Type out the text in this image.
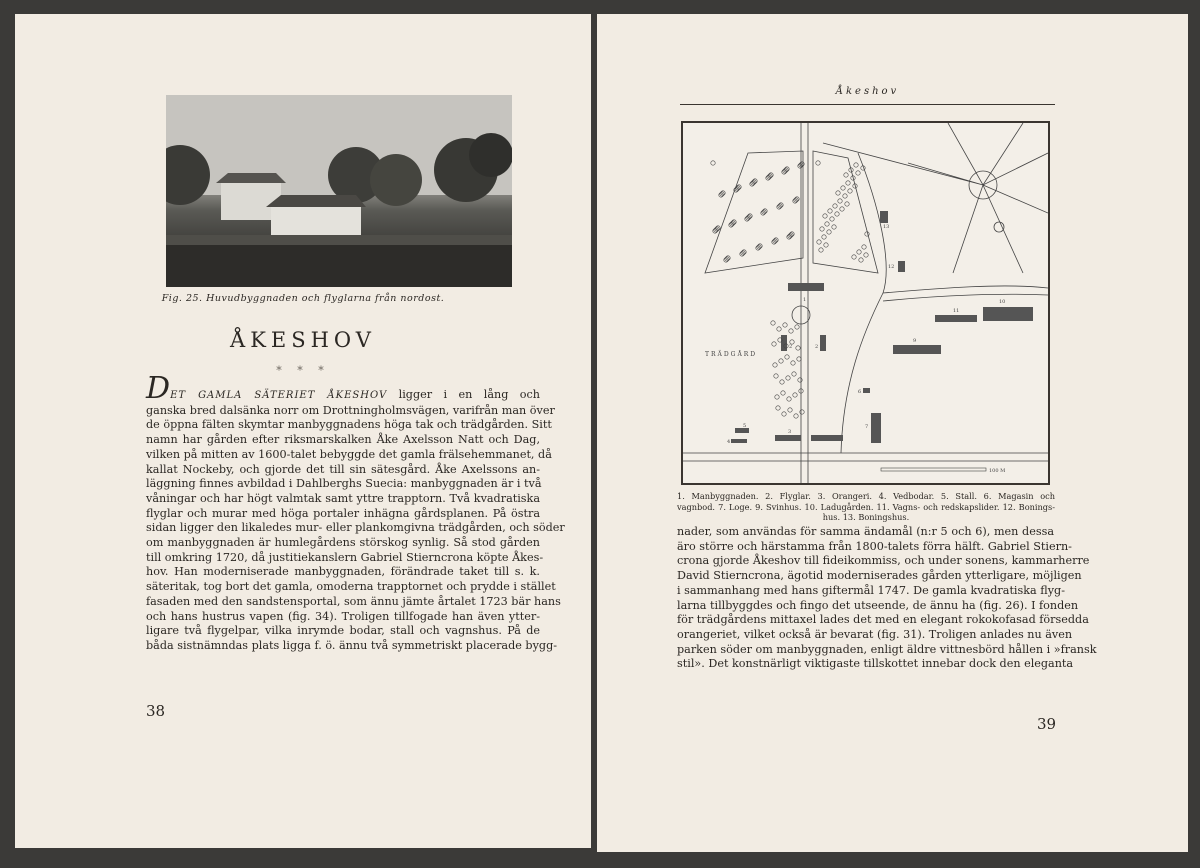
Fig. 25. Huvudbyggnaden och flyglarna från nordost.
ÅKESHOV
* * *
DET GAMLA SÄTERIET ÅKESHOV ligger i en lång och
ganska bred dalsänka norr om Drottningholmsvägen, varifrån man över
de öppna fälten skymtar manbyggnadens höga tak och trädgården. Sitt
namn har gården efter riksmarskalken Åke Axelsson Natt och Dag,
vilken på mitten av 1600-talet bebyggde det gamla frälsehemmanet, då
kallat Nockeby, och gjorde det till sin sätesgård. Åke Axelssons an-
läggning finnes avbildad i Dahlberghs Suecia: manbyggnaden är i två
våningar och har högt valmtak samt yttre trapptorn. Två kvadratiska
flyglar och murar med höga portaler inhägna gårdsplanen. På östra
sidan ligger den likaledes mur- eller plankomgivna trädgården, och söder
om manbyggnaden är humlegårdens störskog synlig. Så stod gården
till omkring 1720, då justitiekanslern Gabriel Stierncrona köpte Åkes-
hov. Han moderniserade manbyggnaden, förändrade taket till s. k.
säteritak, tog bort det gamla, omoderna trapptornet och prydde i stället
fasaden med den sandstensportal, som ännu jämte årtalet 1723 bär hans
och hans hustrus vapen (fig. 34). Troligen tillfogade han även ytter-
ligare två flygelpar, vilka inrymde bodar, stall och vagnshus. På de
båda sistnämndas plats ligga f. ö. ännu två symmetriskt placerade bygg-
38
Åkeshov
TRÄDGÅRD
100 M
1
2	2
3
4
5
6
7
9
10
11
12
13
1. Manbyggnaden. 2. Flyglar. 3. Orangeri. 4. Vedbodar. 5. Stall. 6. Magasin och
vagnbod. 7. Loge. 9. Svinhus. 10. Ladugården. 11. Vagns- och redskapslider. 12. Bonings-
hus. 13. Boningshus.
nader, som användas för samma ändamål (n:r 5 och 6), men dessa
äro större och härstamma från 1800-talets förra hälft. Gabriel Stiern-
crona gjorde Åkeshov till fideikommiss, och under sonens, kammarherre
David Stierncrona, ägotid moderniserades gården ytterligare, möjligen
i sammanhang med hans giftermål 1747. De gamla kvadratiska flyg-
larna tillbyggdes och fingo det utseende, de ännu ha (fig. 26). I fonden
för trädgårdens mittaxel lades det med en elegant rokokofasad försedda
orangeriet, vilket också är bevarat (fig. 31). Troligen anlades nu även
parken söder om manbyggnaden, enligt äldre vittnesbörd hållen i »fransk
stil». Det konstnärligt viktigaste tillskottet innebar dock den eleganta
39
